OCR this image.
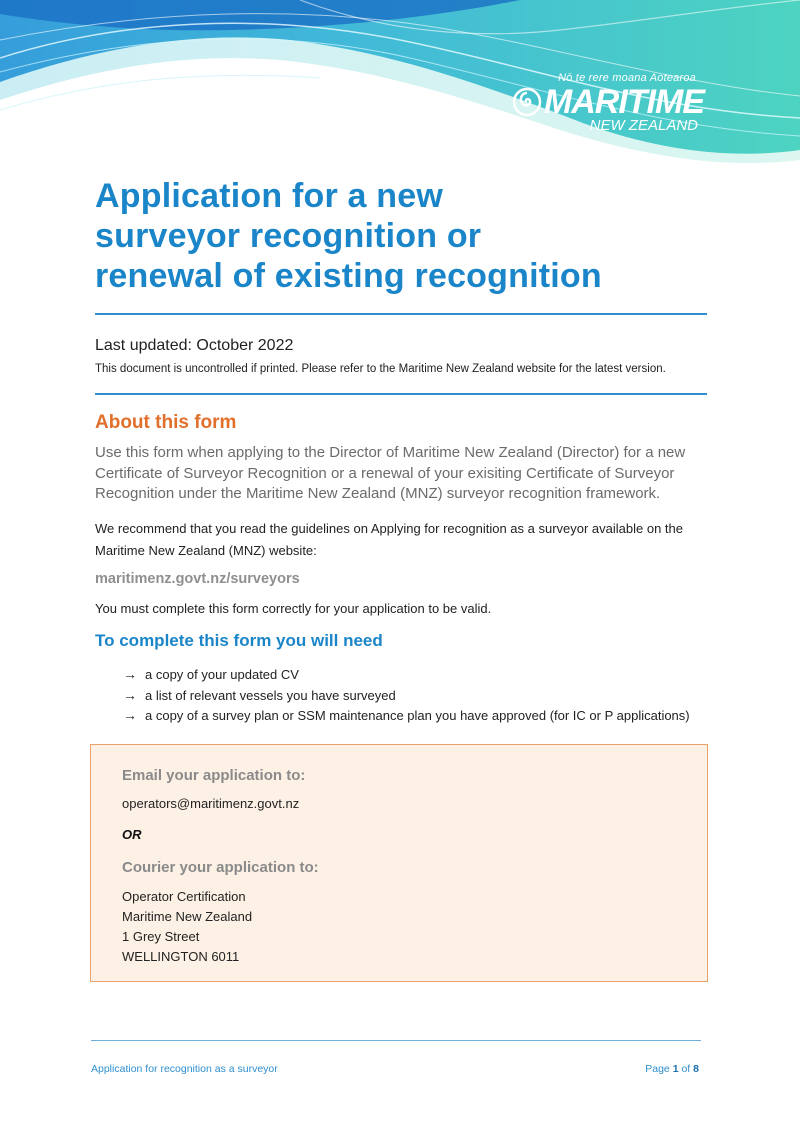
Nō te rere moana Aotearoa
MARITIME
NEW ZEALAND
Application for a new
surveyor recognition or
renewal of existing recognition
Last updated: October 2022
This document is uncontrolled if printed. Please refer to the Maritime New Zealand website for the latest version.
About this form
Use this form when applying to the Director of Maritime New Zealand (Director) for a new Certificate of Surveyor Recognition or a renewal of your exisiting Certificate of Surveyor Recognition under the Maritime New Zealand (MNZ) surveyor recognition framework.
We recommend that you read the guidelines on Applying for recognition as a surveyor available on the Maritime New Zealand (MNZ) website:
maritimenz.govt.nz/surveyors
You must complete this form correctly for your application to be valid.
To complete this form you will need
→ a copy of your updated CV
→ a list of relevant vessels you have surveyed
→ a copy of a survey plan or SSM maintenance plan you have approved (for IC or P applications)
Email your application to:
operators@maritimenz.govt.nz
OR
Courier your application to:
Operator Certification
Maritime New Zealand
1 Grey Street
WELLINGTON 6011
Application for recognition as a surveyor	Page 1 of 8
